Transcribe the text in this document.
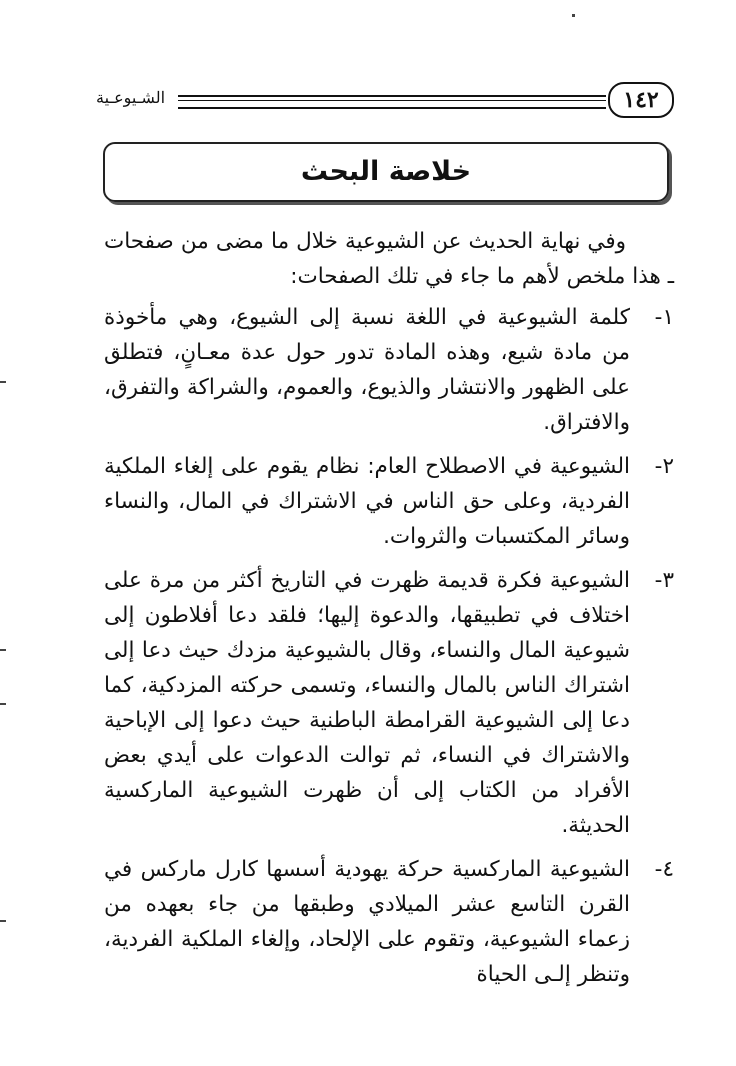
الشـيوعـية	١٤٢
خلاصة البحث

وفي نهاية الحديث عن الشيوعية خلال ما مضى من صفحات ـ هذا ملخص لأهم ما جاء في تلك الصفحات:

١-
كلمة الشيوعية في اللغة نسبة إلى الشيوع، وهي مأخوذة من مادة شيع، وهذه المادة تدور حول عدة معـانٍ، فتطلق على الظهور والانتشار والذيوع، والعموم، والشراكة والتفرق، والافتراق.
٢-
الشيوعية في الاصطلاح العام: نظام يقوم على إلغاء الملكية الفردية، وعلى حق الناس في الاشتراك في المال، والنساء وسائر المكتسبات والثروات.
٣-
الشيوعية فكرة قديمة ظهرت في التاريخ أكثر من مرة على اختلاف في تطبيقها، والدعوة إليها؛ فلقد دعا أفلاطون إلى شيوعية المال والنساء، وقال بالشيوعية مزدك حيث دعا إلى اشتراك الناس بالمال والنساء، وتسمى حركته المزدكية، كما دعا إلى الشيوعية القرامطة الباطنية حيث دعوا إلى الإباحية والاشتراك في النساء، ثم توالت الدعوات على أيدي بعض الأفراد من الكتاب إلى أن ظهرت الشيوعية الماركسية الحديثة.
٤-
الشيوعية الماركسية حركة يهودية أسسها كارل ماركس في القرن التاسع عشر الميلادي وطبقها من جاء بعهده من زعماء الشيوعية، وتقوم على الإلحاد، وإلغاء الملكية الفردية، وتنظر إلـى الحياة
